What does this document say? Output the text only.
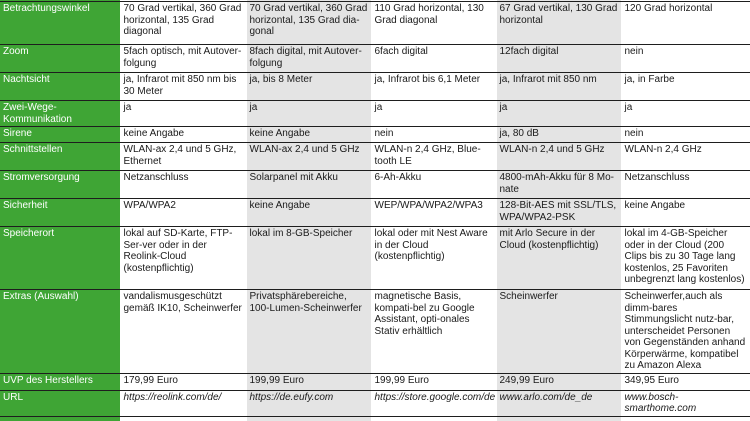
Betrachtungswinkel	70 Grad vertikal, 360 Grad horizontal, 135 Grad diagonal	70 Grad vertikal, 360 Grad horizontal, 135 Grad dia-gonal	110 Grad horizontal, 130 Grad diagonal	67 Grad vertikal, 130 Grad horizontal	120 Grad horizontal
Zoom	5fach optisch, mit Autover-folgung	8fach digital, mit Autover-folgung	6fach digital	12fach digital	nein
Nachtsicht	ja, Infrarot mit 850 nm bis 30 Meter	ja, bis 8 Meter	ja, Infrarot bis 6,1 Meter	ja, Infrarot mit 850 nm	ja, in Farbe
Zwei-Wege-Kommunikation	ja	ja	ja	ja	ja
Sirene	keine Angabe	keine Angabe	nein	ja, 80 dB	nein
Schnittstellen	WLAN-ax 2,4 und 5 GHz, Ethernet	WLAN-ax 2,4 und 5 GHz	WLAN-n 2,4 GHz, Blue-tooth LE	WLAN-n 2,4 und 5 GHz	WLAN-n 2,4 GHz
Stromversorgung	Netzanschluss	Solarpanel mit Akku	6-Ah-Akku	4800-mAh-Akku für 8 Mo-nate	Netzanschluss
Sicherheit	WPA/WPA2	keine Angabe	WEP/WPA/WPA2/WPA3	128-Bit-AES mit SSL/TLS, WPA/WPA2-PSK	keine Angabe
Speicherort	lokal auf SD-Karte, FTP-Ser-ver oder in der Reolink-Cloud (kostenpflichtig)	lokal im 8-GB-Speicher	lokal oder mit Nest Aware in der Cloud (kostenpflichtig)	mit Arlo Secure in der Cloud (kostenpflichtig)	lokal im 4-GB-Speicher oder in der Cloud (200 Clips bis zu 30 Tage lang kostenlos, 25 Favoriten unbegrenzt lang kostenlos)
Extras (Auswahl)	vandalismusgeschützt gemäß IK10, Scheinwerfer	Privatsphärebereiche, 100-Lumen-Scheinwerfer	magnetische Basis, kompati-bel zu Google Assistant, opti-onales Stativ erhältlich	Scheinwerfer	Scheinwerfer,auch als dimm-bares Stimmungslicht nutz-bar, unterscheidet Personen von Gegenständen anhand Körperwärme, kompatibel zu Amazon Alexa
UVP des Herstellers	179,99 Euro	199,99 Euro	199,99 Euro	249,99 Euro	349,95 Euro
URL	https://reolink.com/de/	https://de.eufy.com	https://store.google.com/de	www.arlo.com/de_de	www.bosch-smarthome.com
